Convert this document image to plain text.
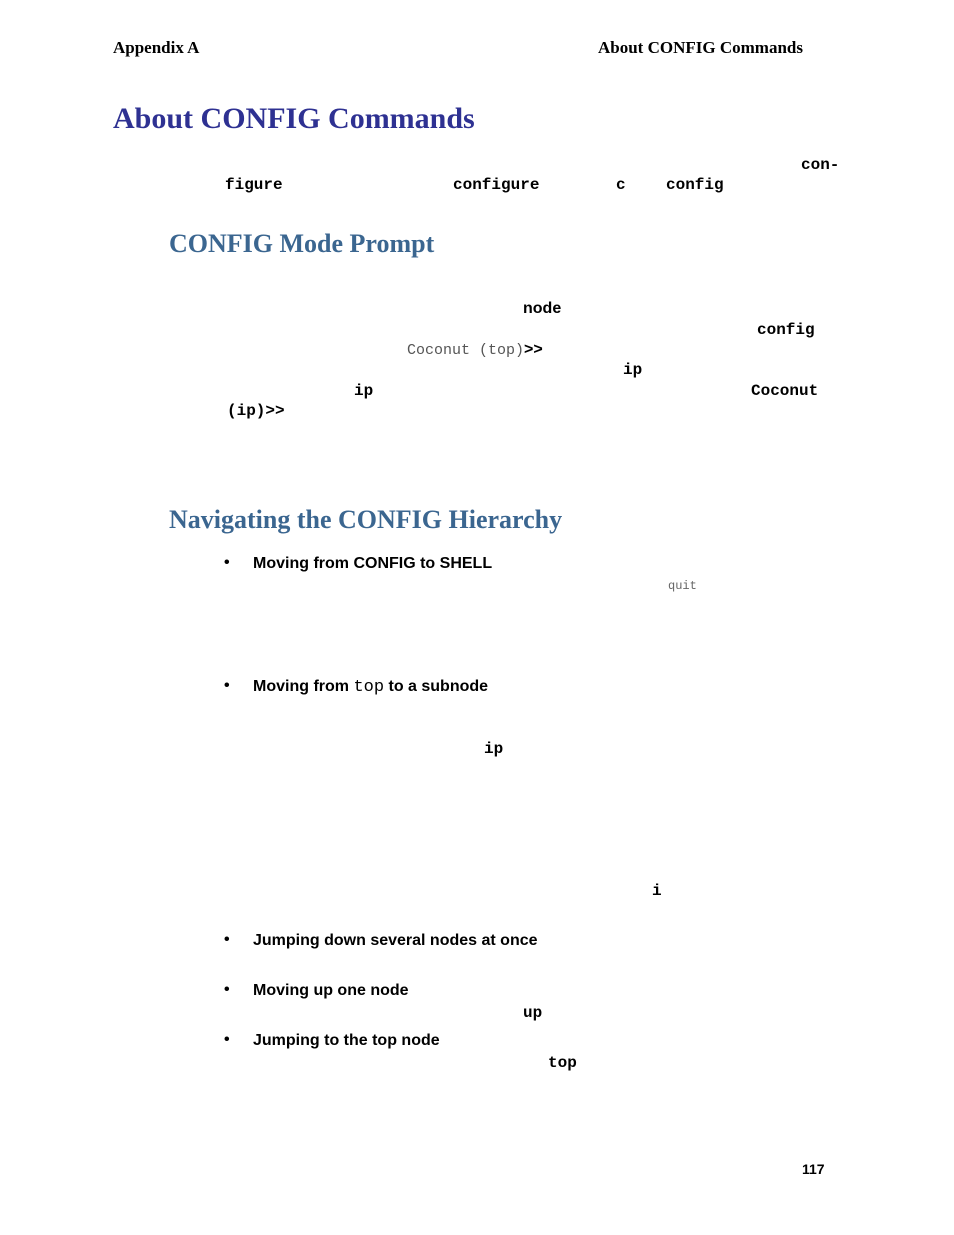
Appendix A	About CONFIG Commands
About CONFIG Commands
con-
figure	configure	c	config
CONFIG Mode Prompt
node
config
Coconut (top)>>
ip
ip	Coconut
(ip)>>
Navigating the CONFIG Hierarchy
• Moving from CONFIG to SHELL
quit
• Moving from top to a subnode
ip
i
• Jumping down several nodes at once
• Moving up one node
up
• Jumping to the top node
top
117
